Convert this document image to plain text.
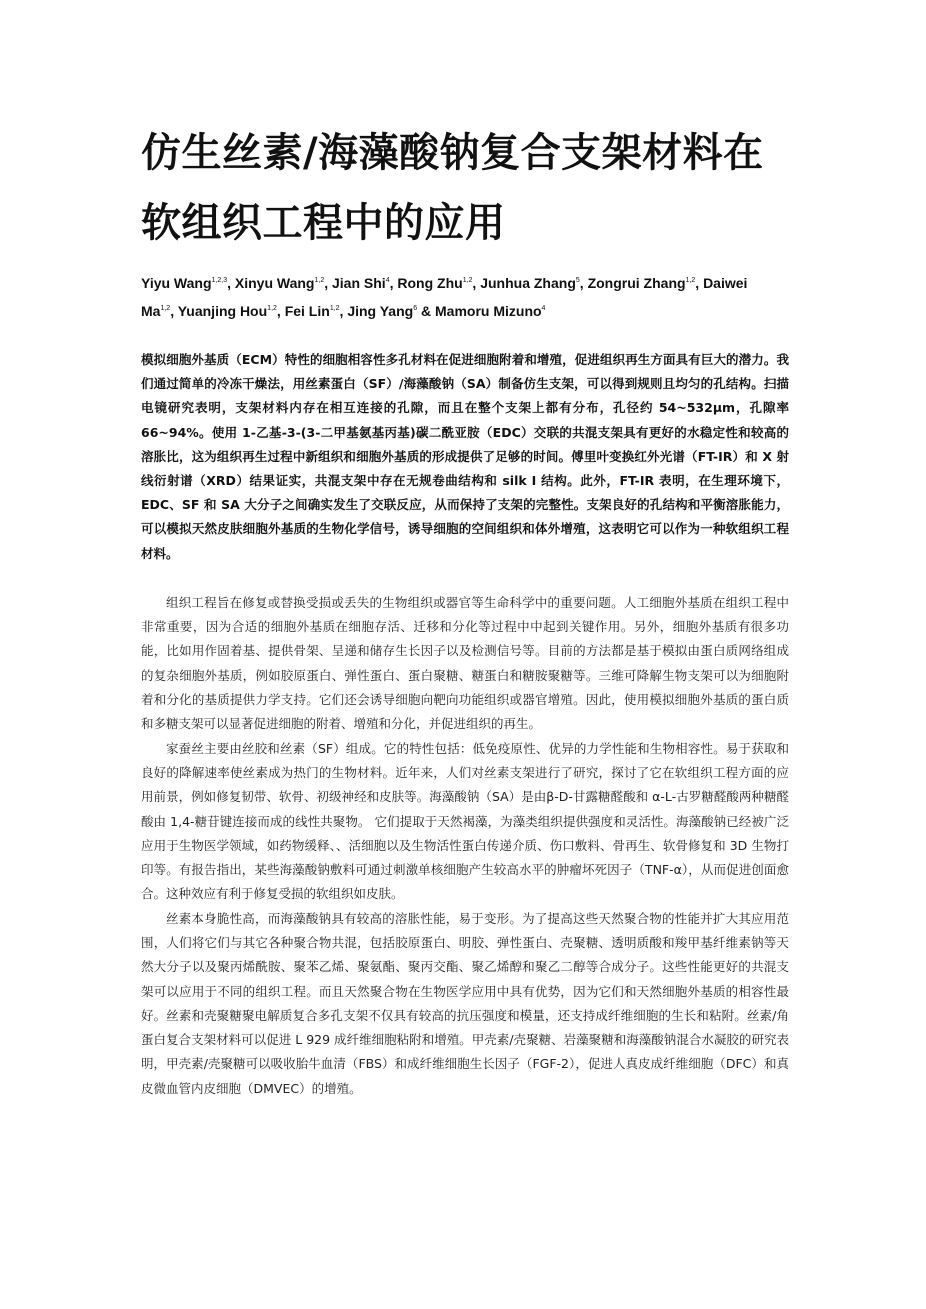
仿生丝素/海藻酸钠复合支架材料在
软组织工程中的应用
Yiyu Wang$^{1,2,3}$, Xinyu Wang$^{1,2}$, Jian Shi$^4$, Rong Zhu$^{1,2}$, Junhua Zhang$^5$, Zongrui Zhang$^{1,2}$, Daiwei Ma$^{1,2}$, Yuanjing Hou$^{1,2}$, Fei Lin$^{1,2}$, Jing Yang$^6$ & Mamoru Mizuno$^4$
模拟细胞外基质（ECM）特性的细胞相容性多孔材料在促进细胞附着和增殖，促进组织再生方面具有巨大的潜力。我们通过简单的冷冻干燥法，用丝素蛋白（SF）/海藻酸钠（SA）制备仿生支架，可以得到规则且均匀的孔结构。扫描电镜研究表明，支架材料内存在相互连接的孔隙，而且在整个支架上都有分布，孔径约 54~532μm，孔隙率 66~94%。使用 1-乙基-3-(3-二甲基氨基丙基)碳二酰亚胺（EDC）交联的共混支架具有更好的水稳定性和较高的溶胀比，这为组织再生过程中新组织和细胞外基质的形成提供了足够的时间。傅里叶变换红外光谱（FT-IR）和 X 射线衍射谱（XRD）结果证实，共混支架中存在无规卷曲结构和 silk I 结构。此外，FT-IR 表明，在生理环境下，EDC、SF 和 SA 大分子之间确实发生了交联反应，从而保持了支架的完整性。支架良好的孔结构和平衡溶胀能力，可以模拟天然皮肤细胞外基质的生物化学信号，诱导细胞的空间组织和体外增殖，这表明它可以作为一种软组织工程材料。

组织工程旨在修复或替换受损或丢失的生物组织或器官等生命科学中的重要问题。人工细胞外基质在组织工程中非常重要，因为合适的细胞外基质在细胞存活、迁移和分化等过程中中起到关键作用。另外，细胞外基质有很多功能，比如用作固着基、提供骨架、呈递和储存生长因子以及检测信号等。目前的方法都是基于模拟由蛋白质网络组成的复杂细胞外基质，例如胶原蛋白、弹性蛋白、蛋白聚糖、糖蛋白和糖胺聚糖等。三维可降解生物支架可以为细胞附着和分化的基质提供力学支持。它们还会诱导细胞向靶向功能组织或器官增殖。因此，使用模拟细胞外基质的蛋白质和多糖支架可以显著促进细胞的附着、增殖和分化，并促进组织的再生。

家蚕丝主要由丝胶和丝素（SF）组成。它的特性包括：低免疫原性、优异的力学性能和生物相容性。易于获取和良好的降解速率使丝素成为热门的生物材料。近年来，人们对丝素支架进行了研究，探讨了它在软组织工程方面的应用前景，例如修复韧带、软骨、初级神经和皮肤等。海藻酸钠（SA）是由β-D-甘露糖醛酸和 α-L-古罗糖醛酸两种糖醛酸由 1,4-糖苷键连接而成的线性共聚物。 它们提取于天然褐藻，为藻类组织提供强度和灵活性。海藻酸钠已经被广泛应用于生物医学领域，如药物缓释、、活细胞以及生物活性蛋白传递介质、伤口敷料、骨再生、软骨修复和 3D 生物打印等。有报告指出，某些海藻酸钠敷料可通过刺激单核细胞产生较高水平的肿瘤坏死因子（TNF-α），从而促进创面愈合。这种效应有利于修复受损的软组织如皮肤。

丝素本身脆性高，而海藻酸钠具有较高的溶胀性能，易于变形。为了提高这些天然聚合物的性能并扩大其应用范围，人们将它们与其它各种聚合物共混，包括胶原蛋白、明胶、弹性蛋白、壳聚糖、透明质酸和羧甲基纤维素钠等天然大分子以及聚丙烯酰胺、聚苯乙烯、聚氨酯、聚丙交酯、聚乙烯醇和聚乙二醇等合成分子。这些性能更好的共混支架可以应用于不同的组织工程。而且天然聚合物在生物医学应用中具有优势，因为它们和天然细胞外基质的相容性最好。丝素和壳聚糖聚电解质复合多孔支架不仅具有较高的抗压强度和模量，还支持成纤维细胞的生长和粘附。丝素/角蛋白复合支架材料可以促进 L 929 成纤维细胞粘附和增殖。甲壳素/壳聚糖、岩藻聚糖和海藻酸钠混合水凝胶的研究表明，甲壳素/壳聚糖可以吸收胎牛血清（FBS）和成纤维细胞生长因子（FGF-2），促进人真皮成纤维细胞（DFC）和真皮微血管内皮细胞（DMVEC）的增殖。
